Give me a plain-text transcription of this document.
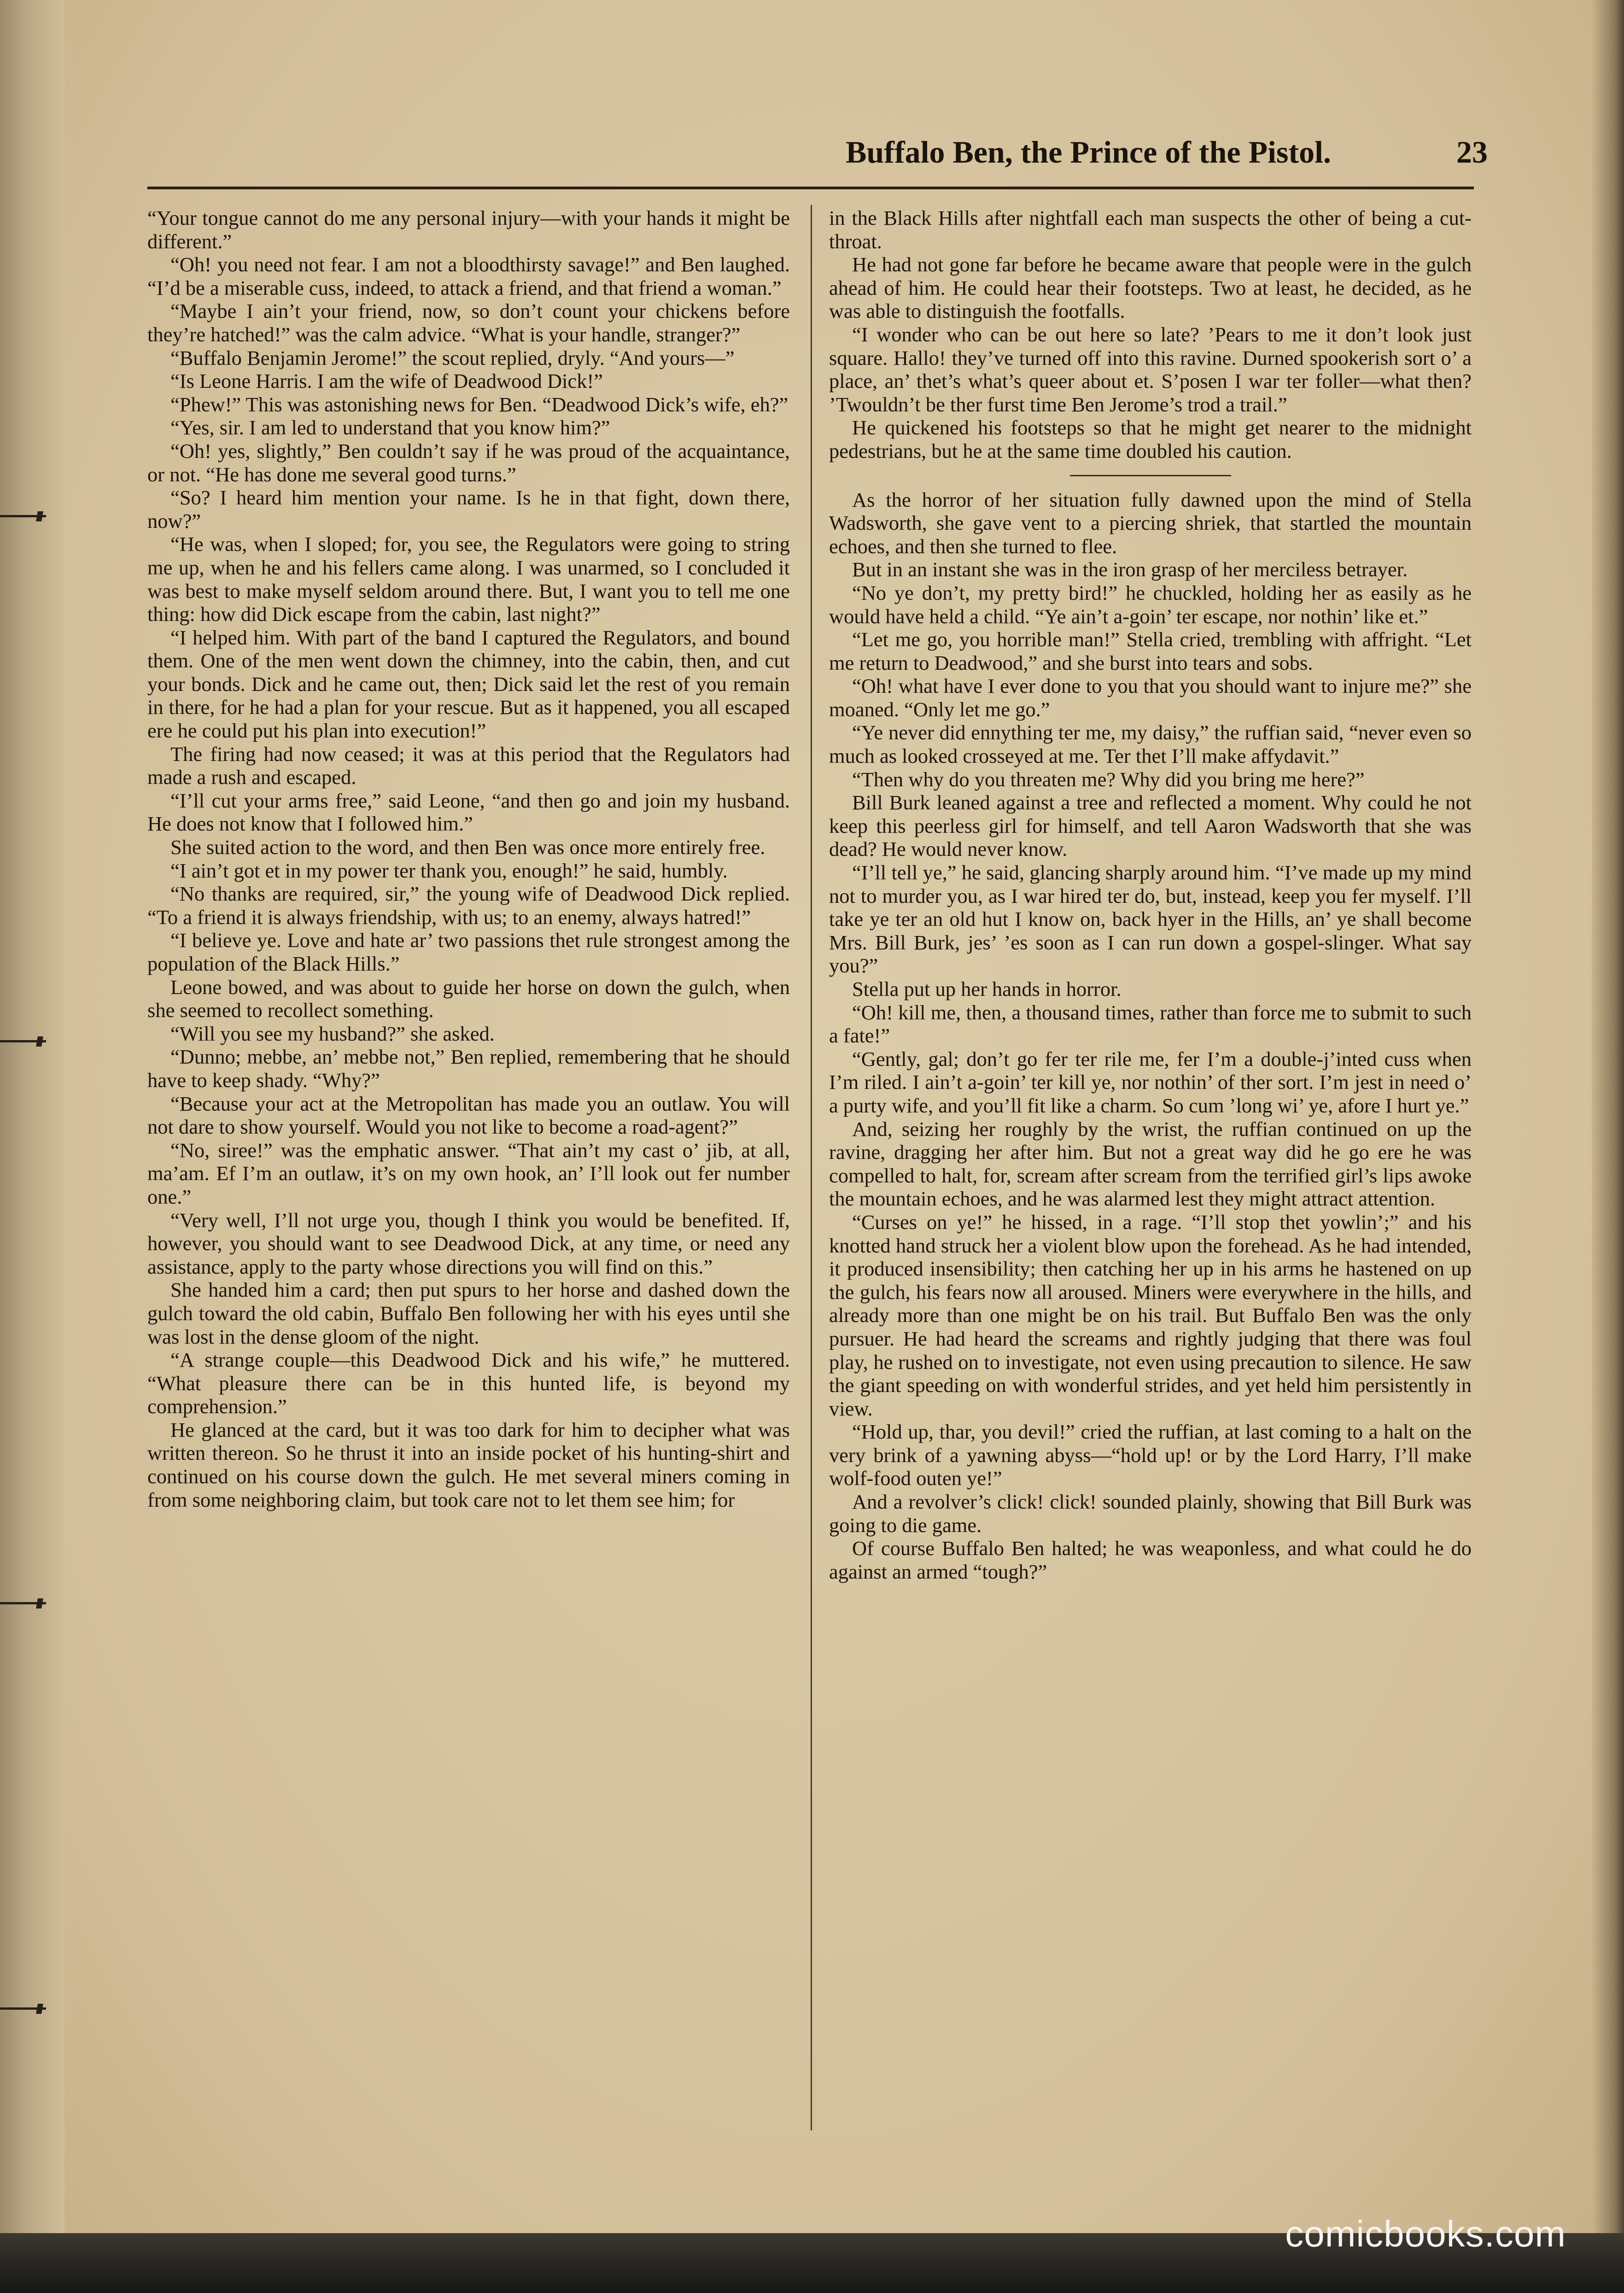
Buffalo Ben, the Prince of the Pistol.	23

“Your tongue cannot do me any personal injury—with your hands it might be different.”

“Oh! you need not fear. I am not a bloodthirsty savage!” and Ben laughed. “I’d be a miserable cuss, indeed, to attack a friend, and that friend a woman.”

“Maybe I ain’t your friend, now, so don’t count your chickens before they’re hatched!” was the calm advice. “What is your handle, stranger?”

“Buffalo Benjamin Jerome!” the scout replied, dryly. “And yours—”

“Is Leone Harris. I am the wife of Deadwood Dick!”

“Phew!” This was astonishing news for Ben. “Deadwood Dick’s wife, eh?”

“Yes, sir. I am led to understand that you know him?”

“Oh! yes, slightly,” Ben couldn’t say if he was proud of the acquaintance, or not. “He has done me several good turns.”

“So? I heard him mention your name. Is he in that fight, down there, now?”

“He was, when I sloped; for, you see, the Regulators were going to string me up, when he and his fellers came along. I was unarmed, so I concluded it was best to make myself seldom around there. But, I want you to tell me one thing: how did Dick escape from the cabin, last night?”

“I helped him. With part of the band I captured the Regulators, and bound them. One of the men went down the chimney, into the cabin, then, and cut your bonds. Dick and he came out, then; Dick said let the rest of you remain in there, for he had a plan for your rescue. But as it happened, you all escaped ere he could put his plan into execution!”

The firing had now ceased; it was at this period that the Regulators had made a rush and escaped.

“I’ll cut your arms free,” said Leone, “and then go and join my husband. He does not know that I followed him.”

She suited action to the word, and then Ben was once more entirely free.

“I ain’t got et in my power ter thank you, enough!” he said, humbly.

“No thanks are required, sir,” the young wife of Deadwood Dick replied. “To a friend it is always friendship, with us; to an enemy, always hatred!”

“I believe ye. Love and hate ar’ two passions thet rule strongest among the population of the Black Hills.”

Leone bowed, and was about to guide her horse on down the gulch, when she seemed to recollect something.

“Will you see my husband?” she asked.

“Dunno; mebbe, an’ mebbe not,” Ben replied, remembering that he should have to keep shady. “Why?”

“Because your act at the Metropolitan has made you an outlaw. You will not dare to show yourself. Would you not like to become a road-agent?”

“No, siree!” was the emphatic answer. “That ain’t my cast o’ jib, at all, ma’am. Ef I’m an outlaw, it’s on my own hook, an’ I’ll look out fer number one.”

“Very well, I’ll not urge you, though I think you would be benefited. If, however, you should want to see Deadwood Dick, at any time, or need any assistance, apply to the party whose directions you will find on this.”

She handed him a card; then put spurs to her horse and dashed down the gulch toward the old cabin, Buffalo Ben following her with his eyes until she was lost in the dense gloom of the night.

“A strange couple—this Deadwood Dick and his wife,” he muttered. “What pleasure there can be in this hunted life, is beyond my comprehension.”

He glanced at the card, but it was too dark for him to decipher what was written thereon. So he thrust it into an inside pocket of his hunting-shirt and continued on his course down the gulch. He met several miners coming in from some neighboring claim, but took care not to let them see him; for

in the Black Hills after nightfall each man suspects the other of being a cut-throat.

He had not gone far before he became aware that people were in the gulch ahead of him. He could hear their footsteps. Two at least, he decided, as he was able to distinguish the footfalls.

“I wonder who can be out here so late? ’Pears to me it don’t look just square. Hallo! they’ve turned off into this ravine. Durned spookerish sort o’ a place, an’ thet’s what’s queer about et. S’posen I war ter foller—what then? ’Twouldn’t be ther furst time Ben Jerome’s trod a trail.”

He quickened his footsteps so that he might get nearer to the midnight pedestrians, but he at the same time doubled his caution.

As the horror of her situation fully dawned upon the mind of Stella Wadsworth, she gave vent to a piercing shriek, that startled the mountain echoes, and then she turned to flee.

But in an instant she was in the iron grasp of her merciless betrayer.

“No ye don’t, my pretty bird!” he chuckled, holding her as easily as he would have held a child. “Ye ain’t a-goin’ ter escape, nor nothin’ like et.”

“Let me go, you horrible man!” Stella cried, trembling with affright. “Let me return to Deadwood,” and she burst into tears and sobs.

“Oh! what have I ever done to you that you should want to injure me?” she moaned. “Only let me go.”

“Ye never did ennything ter me, my daisy,” the ruffian said, “never even so much as looked crosseyed at me. Ter thet I’ll make affydavit.”

“Then why do you threaten me? Why did you bring me here?”

Bill Burk leaned against a tree and reflected a moment. Why could he not keep this peerless girl for himself, and tell Aaron Wadsworth that she was dead? He would never know.

“I’ll tell ye,” he said, glancing sharply around him. “I’ve made up my mind not to murder you, as I war hired ter do, but, instead, keep you fer myself. I’ll take ye ter an old hut I know on, back hyer in the Hills, an’ ye shall become Mrs. Bill Burk, jes’ ’es soon as I can run down a gospel-slinger. What say you?”

Stella put up her hands in horror.

“Oh! kill me, then, a thousand times, rather than force me to submit to such a fate!”

“Gently, gal; don’t go fer ter rile me, fer I’m a double-j’inted cuss when I’m riled. I ain’t a-goin’ ter kill ye, nor nothin’ of ther sort. I’m jest in need o’ a purty wife, and you’ll fit like a charm. So cum ’long wi’ ye, afore I hurt ye.”

And, seizing her roughly by the wrist, the ruffian continued on up the ravine, dragging her after him. But not a great way did he go ere he was compelled to halt, for, scream after scream from the terrified girl’s lips awoke the mountain echoes, and he was alarmed lest they might attract attention.

“Curses on ye!” he hissed, in a rage. “I’ll stop thet yowlin’;” and his knotted hand struck her a violent blow upon the forehead. As he had intended, it produced insensibility; then catching her up in his arms he hastened on up the gulch, his fears now all aroused. Miners were everywhere in the hills, and already more than one might be on his trail. But Buffalo Ben was the only pursuer. He had heard the screams and rightly judging that there was foul play, he rushed on to investigate, not even using precaution to silence. He saw the giant speeding on with wonderful strides, and yet held him persistently in view.

“Hold up, thar, you devil!” cried the ruffian, at last coming to a halt on the very brink of a yawning abyss—“hold up! or by the Lord Harry, I’ll make wolf-food outen ye!”

And a revolver’s click! click! sounded plainly, showing that Bill Burk was going to die game.

Of course Buffalo Ben halted; he was weaponless, and what could he do against an armed “tough?”

comicbooks.com
